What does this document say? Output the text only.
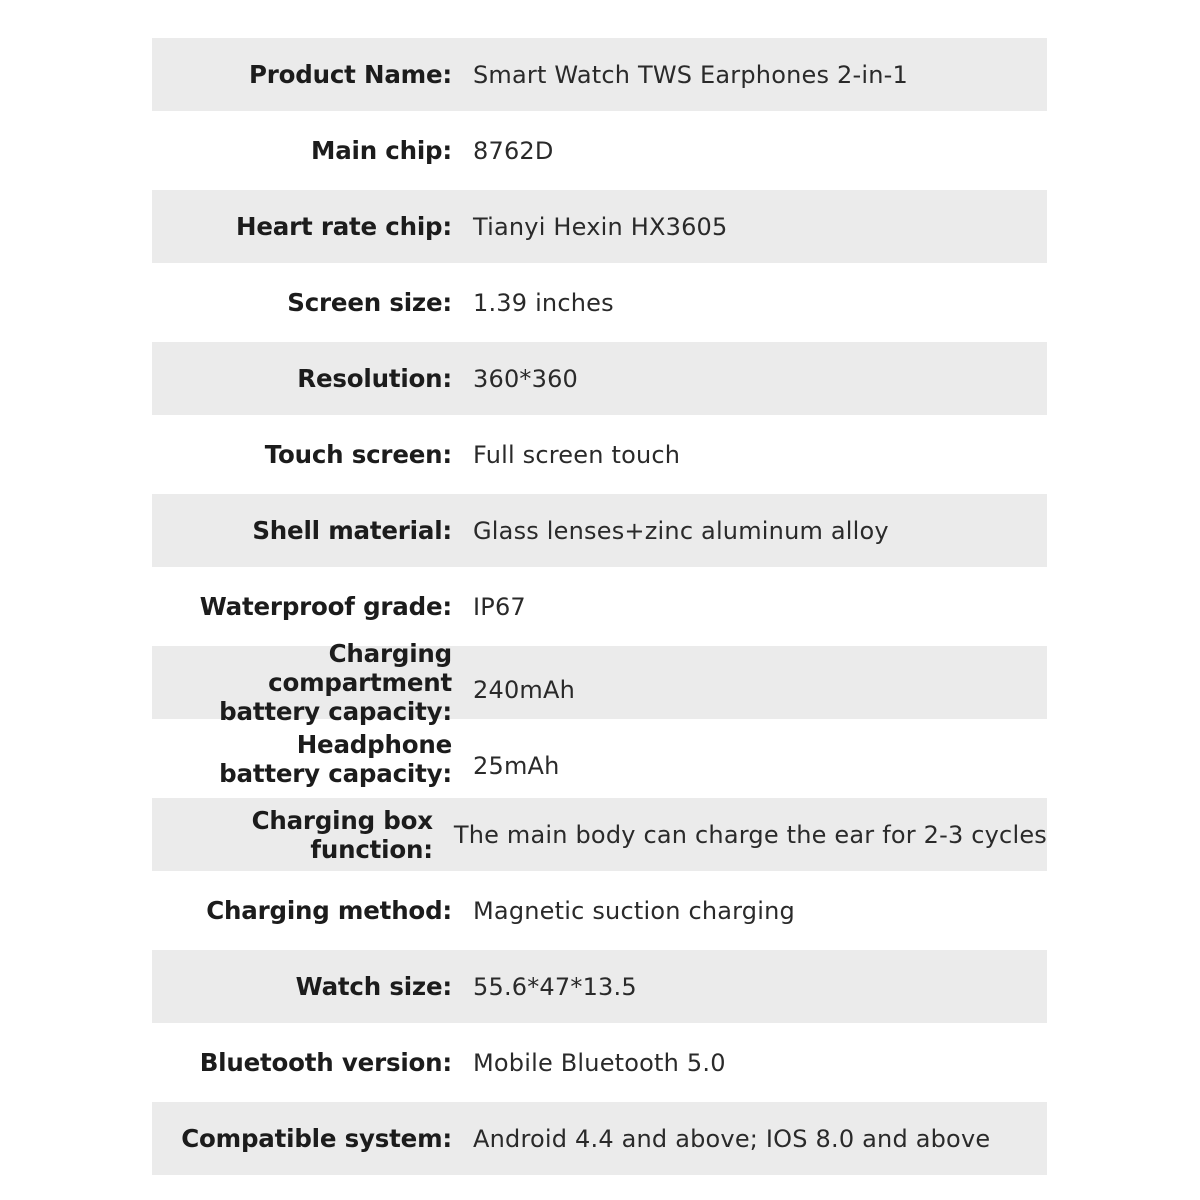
Product Name: Smart Watch TWS Earphones 2-in-1
Main chip: 8762D
Heart rate chip: Tianyi Hexin HX3605
Screen size: 1.39 inches
Resolution: 360*360
Touch screen: Full screen touch
Shell material: Glass lenses+zinc aluminum alloy
Waterproof grade: IP67
Charging compartment
battery capacity:
240mAh
Headphone
battery capacity: 25mAh
Charging box function: The main body can charge the ear for 2-3 cycles
Charging method: Magnetic suction charging
Watch size: 55.6*47*13.5
Bluetooth version: Mobile Bluetooth 5.0
Compatible system: Android 4.4 and above; IOS 8.0 and above
